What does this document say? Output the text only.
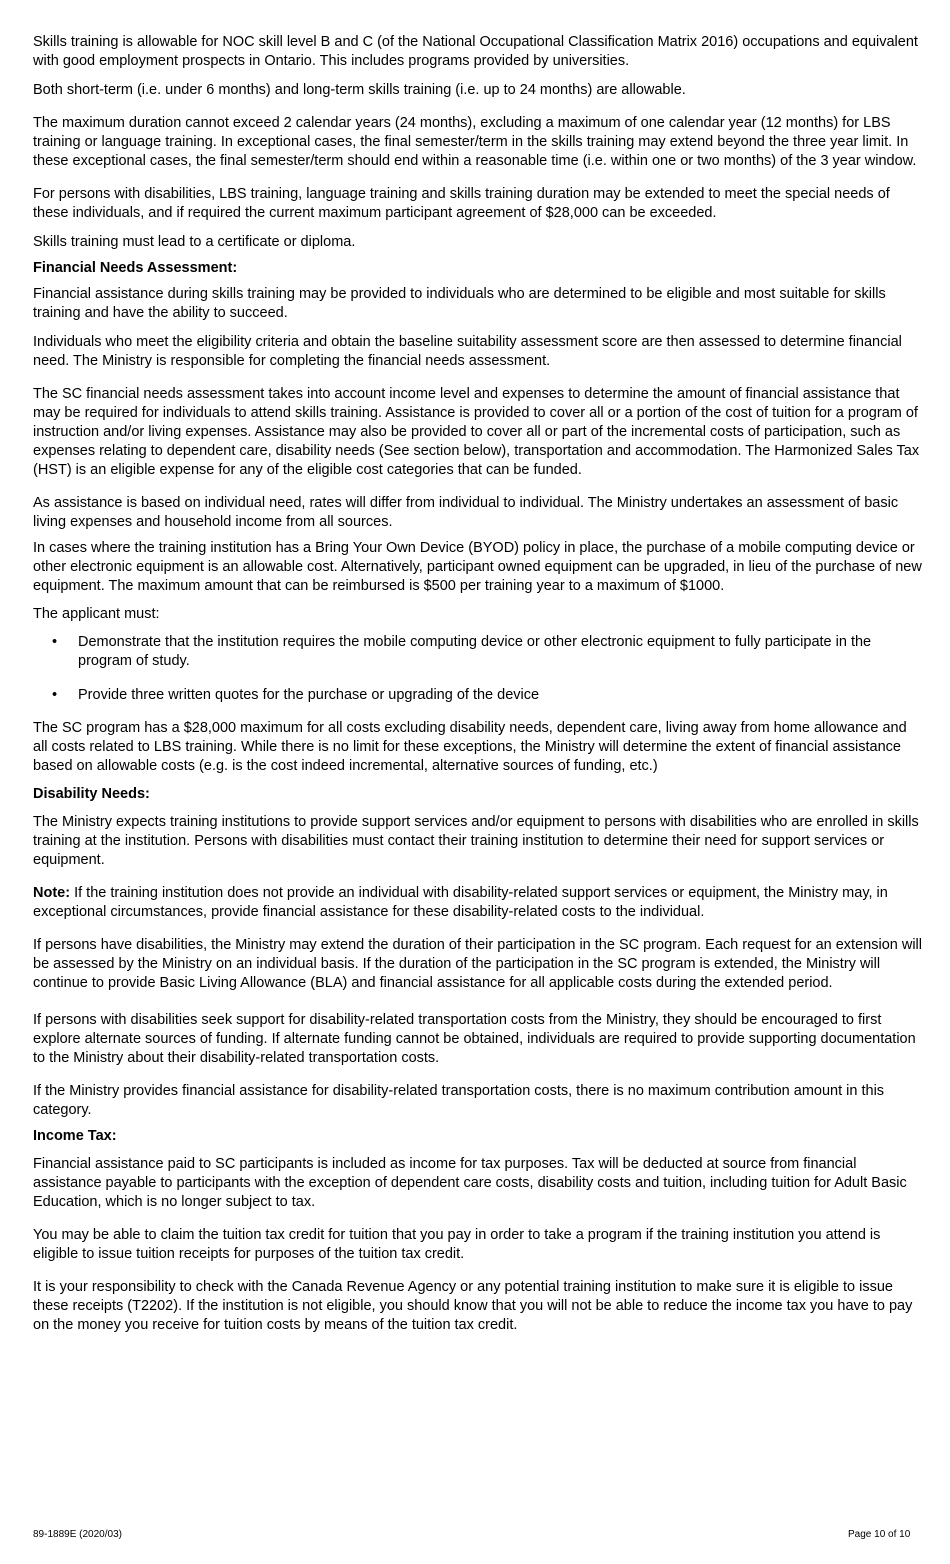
Skills training is allowable for NOC skill level B and C (of the National Occupational Classification Matrix 2016) occupations and equivalent with good employment prospects in Ontario. This includes programs provided by universities.

Both short-term (i.e. under 6 months) and long-term skills training (i.e. up to 24 months) are allowable.

The maximum duration cannot exceed 2 calendar years (24 months), excluding a maximum of one calendar year (12 months) for LBS training or language training. In exceptional cases, the final semester/term in the skills training may extend beyond the three year limit. In these exceptional cases, the final semester/term should end within a reasonable time (i.e. within one or two months) of the 3 year window.

For persons with disabilities, LBS training, language training and skills training duration may be extended to meet the special needs of these individuals, and if required the current maximum participant agreement of $28,000 can be exceeded.

Skills training must lead to a certificate or diploma.

Financial Needs Assessment:

Financial assistance during skills training may be provided to individuals who are determined to be eligible and most suitable for skills training and have the ability to succeed.

Individuals who meet the eligibility criteria and obtain the baseline suitability assessment score are then assessed to determine financial need. The Ministry is responsible for completing the financial needs assessment.

The SC financial needs assessment takes into account income level and expenses to determine the amount of financial assistance that may be required for individuals to attend skills training. Assistance is provided to cover all or a portion of the cost of tuition for a program of instruction and/or living expenses. Assistance may also be provided to cover all or part of the incremental costs of participation, such as expenses relating to dependent care, disability needs (See section below), transportation and accommodation. The Harmonized Sales Tax (HST) is an eligible expense for any of the eligible cost categories that can be funded.

As assistance is based on individual need, rates will differ from individual to individual. The Ministry undertakes an assessment of basic living expenses and household income from all sources.

In cases where the training institution has a Bring Your Own Device (BYOD) policy in place, the purchase of a mobile computing device or other electronic equipment is an allowable cost. Alternatively, participant owned equipment can be upgraded, in lieu of the purchase of new equipment. The maximum amount that can be reimbursed is $500 per training year to a maximum of $1000.

The applicant must:

• Demonstrate that the institution requires the mobile computing device or other electronic equipment to fully participate in the program of study.
• Provide three written quotes for the purchase or upgrading of the device

The SC program has a $28,000 maximum for all costs excluding disability needs, dependent care, living away from home allowance and all costs related to LBS training. While there is no limit for these exceptions, the Ministry will determine the extent of financial assistance based on allowable costs (e.g. is the cost indeed incremental, alternative sources of funding, etc.)

Disability Needs:

The Ministry expects training institutions to provide support services and/or equipment to persons with disabilities who are enrolled in skills training at the institution. Persons with disabilities must contact their training institution to determine their need for support services or equipment.

Note: If the training institution does not provide an individual with disability-related support services or equipment, the Ministry may, in exceptional circumstances, provide financial assistance for these disability-related costs to the individual.

If persons have disabilities, the Ministry may extend the duration of their participation in the SC program. Each request for an extension will be assessed by the Ministry on an individual basis. If the duration of the participation in the SC program is extended, the Ministry will continue to provide Basic Living Allowance (BLA) and financial assistance for all applicable costs during the extended period.

If persons with disabilities seek support for disability-related transportation costs from the Ministry, they should be encouraged to first explore alternate sources of funding. If alternate funding cannot be obtained, individuals are required to provide supporting documentation to the Ministry about their disability-related transportation costs.

If the Ministry provides financial assistance for disability-related transportation costs, there is no maximum contribution amount in this category.

Income Tax:

Financial assistance paid to SC participants is included as income for tax purposes. Tax will be deducted at source from financial assistance payable to participants with the exception of dependent care costs, disability costs and tuition, including tuition for Adult Basic Education, which is no longer subject to tax.

You may be able to claim the tuition tax credit for tuition that you pay in order to take a program if the training institution you attend is eligible to issue tuition receipts for purposes of the tuition tax credit.

It is your responsibility to check with the Canada Revenue Agency or any potential training institution to make sure it is eligible to issue these receipts (T2202). If the institution is not eligible, you should know that you will not be able to reduce the income tax you have to pay on the money you receive for tuition costs by means of the tuition tax credit.

89-1889E (2020/03)	Page 10 of 10
